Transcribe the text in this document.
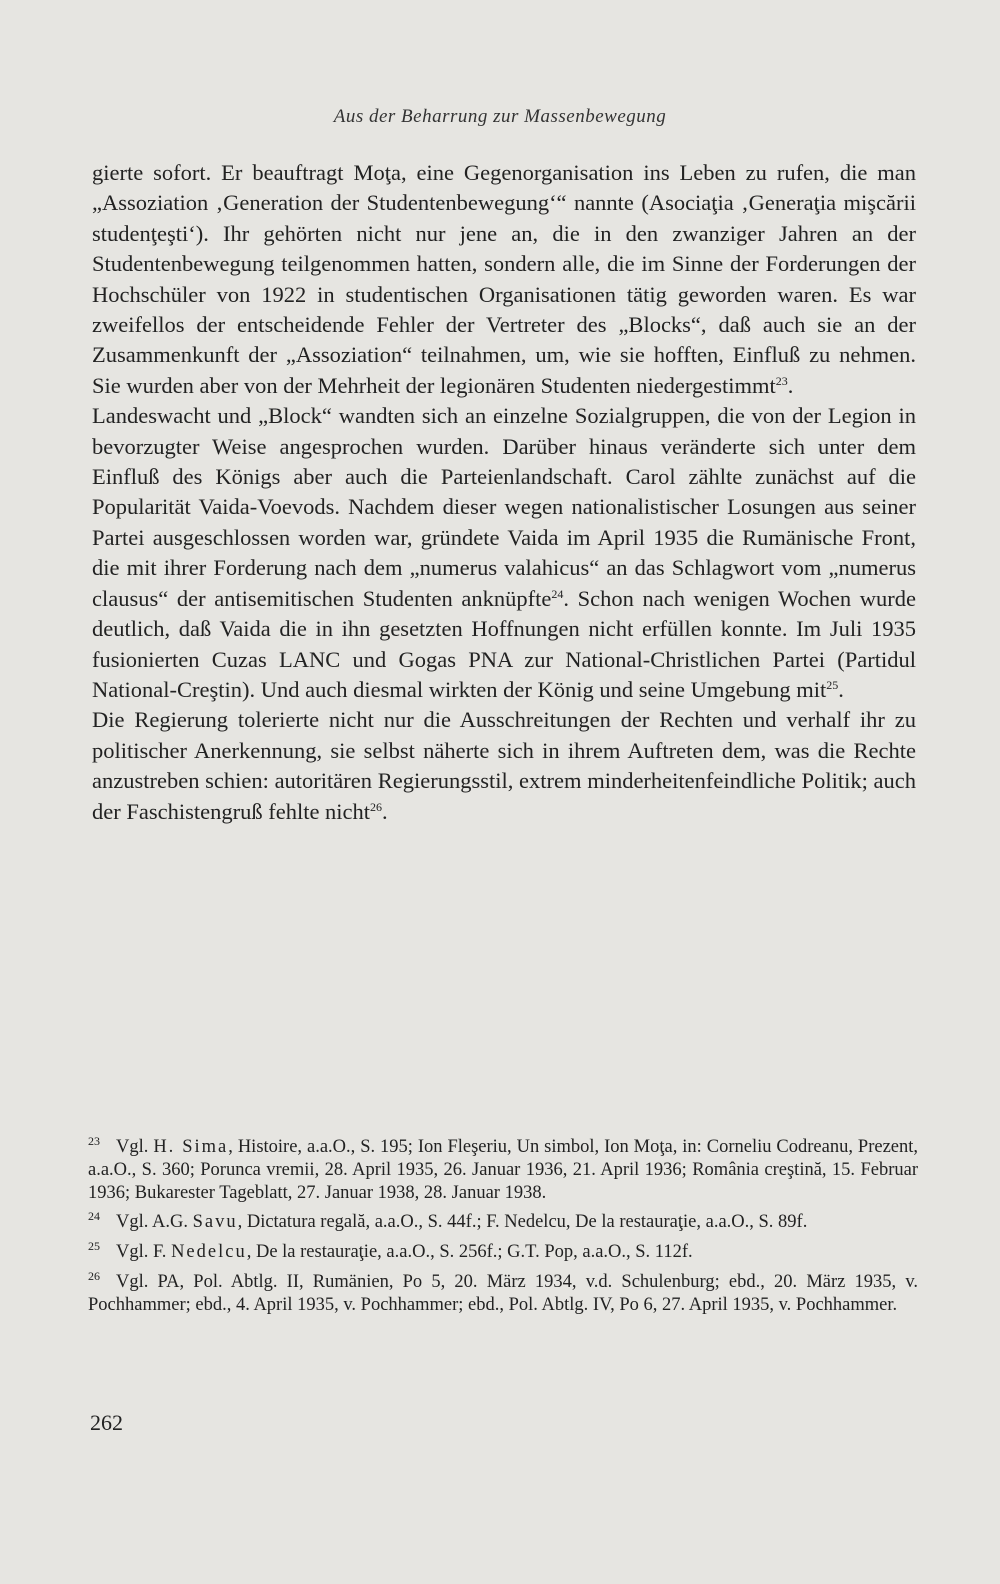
Aus der Beharrung zur Massenbewegung

gierte sofort. Er beauftragt Moţa, eine Gegenorganisation ins Leben zu rufen, die man „Assoziation ‚Generation der Studentenbewegung‘“ nannte (Asociaţia ‚Generaţia mişcării studenţeşti‘). Ihr gehörten nicht nur jene an, die in den zwanziger Jahren an der Studentenbewegung teilgenommen hatten, sondern alle, die im Sinne der Forderungen der Hochschüler von 1922 in studentischen Organisationen tätig geworden waren. Es war zweifellos der entscheidende Fehler der Vertreter des „Blocks“, daß auch sie an der Zusammenkunft der „Assoziation“ teilnahmen, um, wie sie hofften, Einfluß zu nehmen. Sie wurden aber von der Mehrheit der legionären Studenten niedergestimmt$^{23}$.

Landeswacht und „Block“ wandten sich an einzelne Sozialgruppen, die von der Legion in bevorzugter Weise angesprochen wurden. Darüber hinaus veränderte sich unter dem Einfluß des Königs aber auch die Parteienlandschaft. Carol zählte zunächst auf die Popularität Vaida-Voevods. Nachdem dieser wegen nationalistischer Losungen aus seiner Partei ausgeschlossen worden war, gründete Vaida im April 1935 die Rumänische Front, die mit ihrer Forderung nach dem „numerus valahicus“ an das Schlagwort vom „numerus clausus“ der antisemitischen Studenten anknüpfte$^{24}$. Schon nach wenigen Wochen wurde deutlich, daß Vaida die in ihn gesetzten Hoffnungen nicht erfüllen konnte. Im Juli 1935 fusionierten Cuzas LANC und Gogas PNA zur National-Christlichen Partei (Partidul National-Creştin). Und auch diesmal wirkten der König und seine Umgebung mit$^{25}$.

Die Regierung tolerierte nicht nur die Ausschreitungen der Rechten und verhalf ihr zu politischer Anerkennung, sie selbst näherte sich in ihrem Auftreten dem, was die Rechte anzustreben schien: autoritären Regierungsstil, extrem minderheitenfeindliche Politik; auch der Faschistengruß fehlte nicht$^{26}$.

$^{23}$ Vgl. H. Sima, Histoire, a.a.O., S. 195; Ion Fleşeriu, Un simbol, Ion Moţa, in: Corneliu Codreanu, Prezent, a.a.O., S. 360; Porunca vremii, 28. April 1935, 26. Januar 1936, 21. April 1936; România creştină, 15. Februar 1936; Bukarester Tageblatt, 27. Januar 1938, 28. Januar 1938.

$^{24}$ Vgl. A.G. Savu, Dictatura regală, a.a.O., S. 44f.; F. Nedelcu, De la restauraţie, a.a.O., S. 89f.

$^{25}$ Vgl. F. Nedelcu, De la restauraţie, a.a.O., S. 256f.; G.T. Pop, a.a.O., S. 112f.

$^{26}$ Vgl. PA, Pol. Abtlg. II, Rumänien, Po 5, 20. März 1934, v.d. Schulenburg; ebd., 20. März 1935, v. Pochhammer; ebd., 4. April 1935, v. Pochhammer; ebd., Pol. Abtlg. IV, Po 6, 27. April 1935, v. Pochhammer.

262
